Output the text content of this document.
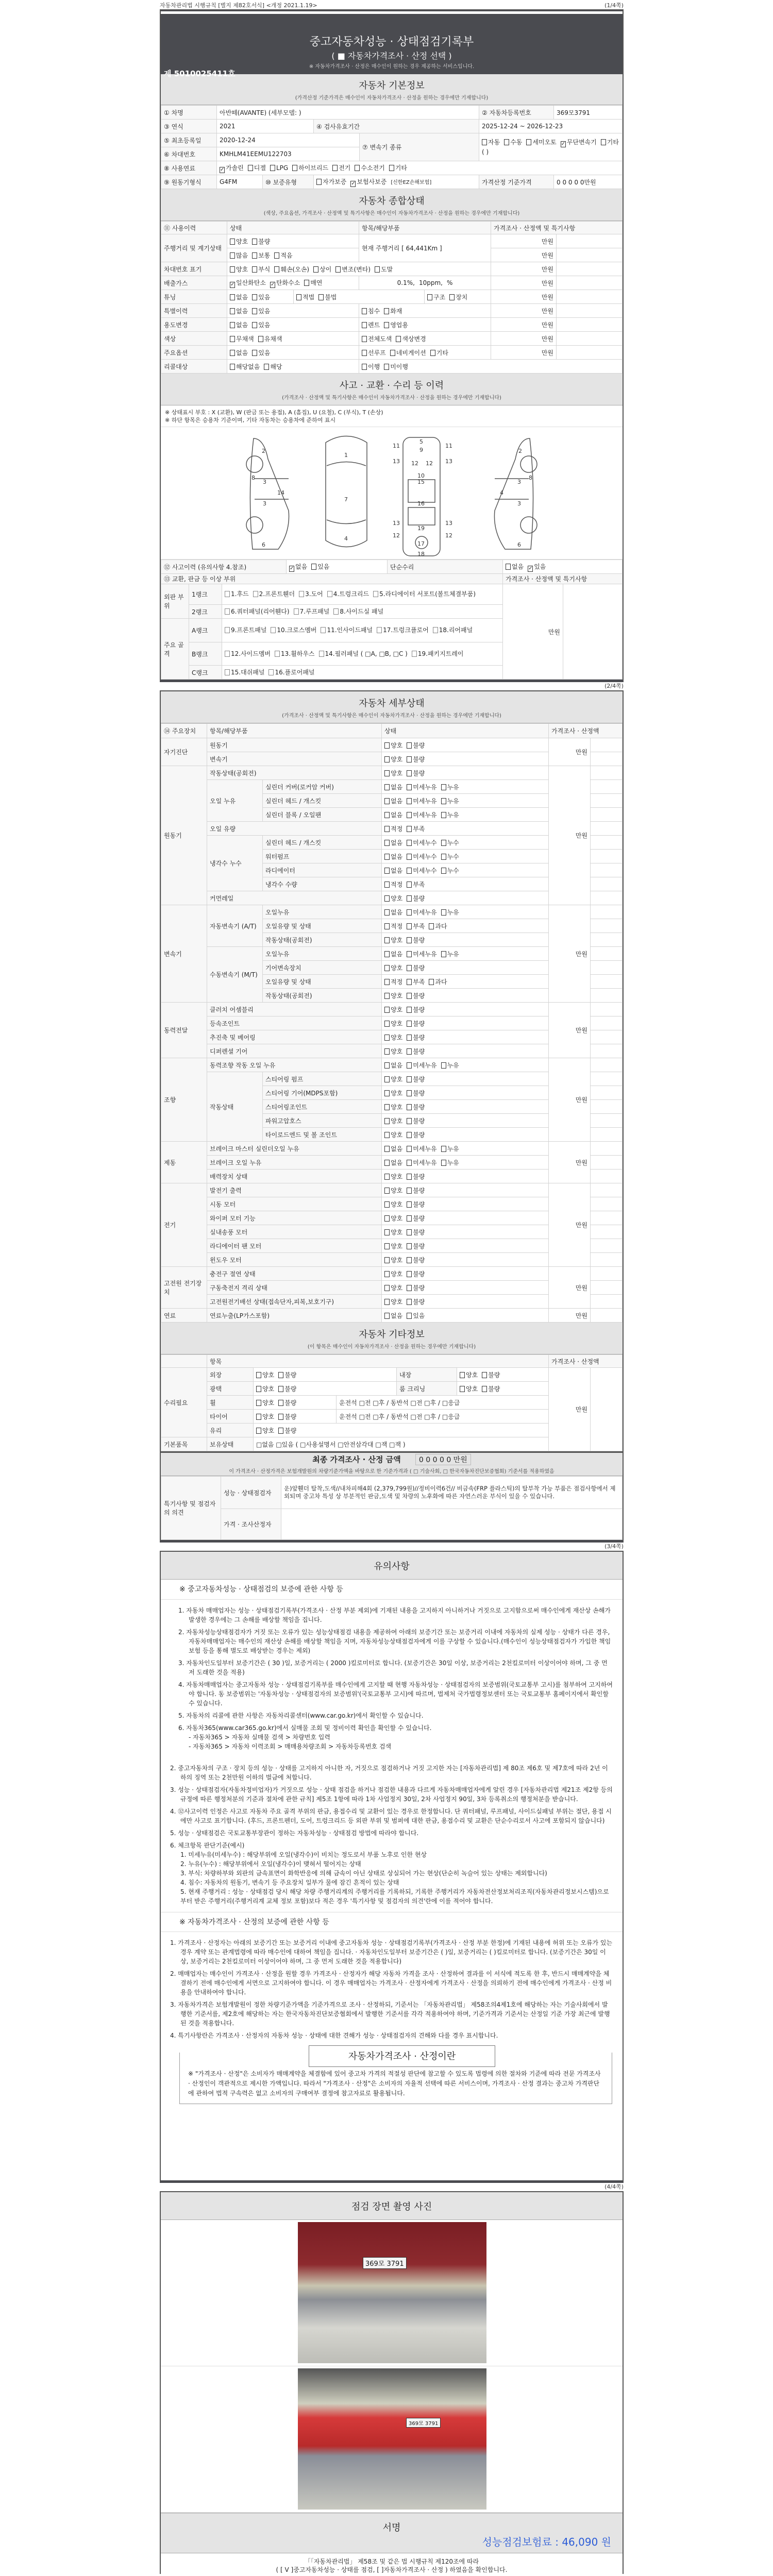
자동차관리법 시행규칙 [별지 제82호서식] <개정 2021.1.19>	(1/4쪽)
중고자동차성능 · 상태점검기록부
( ■ 자동차가격조사 · 산정 선택 )
※ 자동차가격조사 · 산정은 매수인이 원하는 경우 제공하는 서비스입니다.
제 5010025411호
자동차 기본정보
(가격산정 기준가격은 매수인이 자동차가격조사 · 산정을 원하는 경우에만 기재합니다)
① 차명	아반떼(AVANTE) (세부모델: )				② 자동차등록번호	369모3791
③ 연식	2021		④ 검사유효기간		2025-12-24 ~ 2026-12-23	
⑤ 최초등록일	2020-12-24			⑦ 변속기 종류	자동 수동 세미오토 ✓ 무단변속기 기타( )	
⑥ 차대번호	KMHLM41EEMU122703					
⑧ 사용연료	✓ 가솔린 디젤 LPG 하이브리드 전기 수소전기 기타					
⑨ 원동기형식	G4FM	⑩ 보증유형	자가보증 ✓ 보험사보증 [신한EZ손해보험]		가격산정 기준가격	0 0 0 0 0만원
자동차 종합상태
(색상, 주요옵션, 가격조사 · 산정액 및 특기사항은 매수인이 자동차가격조사 · 산정을 원하는 경우에만 기재합니다)
⑪ 사용이력	상태		항목/해당부품		가격조사 · 산정액 및 특기사항	
주행거리 및 계기상태	양호 불량		현재 주행거리 [ 64,441Km ]		만원	
	많음 보통 적음				만원	
차대번호 표기	양호 부식 훼손(오손) 상이 변조(변타) 도말				만원	
배출가스	✓ 일산화탄소 ✓ 탄화수소 매연		0.1%, 10ppm, %		만원	
튜닝	없음 있음	적법 불법		구조 장치	만원	
특별이력	없음 있음		침수 화재		만원	
용도변경	없음 있음		렌트 영업용		만원	
색상	무채색 유채색		전체도색 색상변경		만원	
주요옵션	없음 있음		선루프 네비게이션 기타		만원	
리콜대상	해당없음 해당		이행 미이행			
사고 · 교환 · 수리 등 이력
(가격조사 · 산정액 및 특기사항은 매수인이 자동차가격조사 · 산정을 원하는 경우에만 기재합니다)
※ 상태표시 부호 : X (교환), W (판금 또는 용접), A (흠집), U (요철), C (부식), T (손상)
※ 하단 항목은 승용차 기준이며, 기타 자동차는 승용차에 준하여 표시
2
3
3
8
14
6
1
7
4
5
9
10
16
17
18
11	11
13	13
12 12
13	13
12	12
15
19
2
3
3
8
4
6
⑫ 사고이력 (유의사항 4.참조)			✓ 없음 있음	단순수리	없음 ✓ 있음	
⑬ 교환, 판금 등 이상 부위					가격조사 · 산정액 및 특기사항	
외판 부위	1랭크	1.후드 2.프론트휀더 3.도어 4.트렁크리드 5.라디에이터 서포트(볼트체결부품)			만원	
	2랭크	6.쿼터패널(리어휀다) 7.루프패널 8.사이드실 패널				
주요 골격	A랭크	9.프론트패널 10.크로스멤버 11.인사이드패널 17.트렁크플로어 18.리어패널				
	B랭크	12.사이드멤버 13.휠하우스 14.필러패널 ( □A, □B, □C ) 19.패키지트레이				
	C랭크	15.대쉬패널 16.플로어패널				
(2/4쪽)
자동차 세부상태
(가격조사 · 산정액 및 특기사항은 매수인이 자동차가격조사 · 산정을 원하는 경우에만 기재합니다)
⑭ 주요장치	항목/해당부품		상태	가격조사 · 산정액	
자기진단	원동기		양호 불량	만원	
	변속기		양호 불량		
원동기	작동상태(공회전)		양호 불량	만원	
	오일 누유	실린더 커버(로커암 커버)	없음 미세누유 누유		
		실린더 헤드 / 개스킷	없음 미세누유 누유		
		실린더 블록 / 오일팬	없음 미세누유 누유		
	오일 유량		적정 부족		
	냉각수 누수	실린더 헤드 / 개스킷	없음 미세누수 누수		
		워터펌프	없음 미세누수 누수		
		라디에이터	없음 미세누수 누수		
		냉각수 수량	적정 부족		
	커먼레일		양호 불량		
변속기	자동변속기 (A/T)	오일누유	없음 미세누유 누유	만원	
		오일유량 및 상태	적정 부족 과다		
		작동상태(공회전)	양호 불량		
	수동변속기 (M/T)	오일누유	없음 미세누유 누유		
		기어변속장치	양호 불량		
		오일유량 및 상태	적정 부족 과다		
		작동상태(공회전)	양호 불량		
동력전달	클러치 어셈블리		양호 불량	만원	
	등속조인트		양호 불량		
	추진축 및 베어링		양호 불량		
	디퍼렌셜 기어		양호 불량		
조향	동력조향 작동 오일 누유		없음 미세누유 누유	만원	
	작동상태	스티어링 펌프	양호 불량		
		스티어링 기어(MDPS포함)	양호 불량		
		스티어링조인트	양호 불량		
		파워고압호스	양호 불량		
		타이로드엔드 및 볼 조인트	양호 불량		
제동	브레이크 마스터 실린더오일 누유		없음 미세누유 누유	만원	
	브레이크 오일 누유		없음 미세누유 누유		
	배력장치 상태		양호 불량		
전기	발전기 출력		양호 불량	만원	
	시동 모터		양호 불량		
	와이퍼 모터 기능		양호 불량		
	실내송풍 모터		양호 불량		
	라디에이터 팬 모터		양호 불량		
	윈도우 모터		양호 불량		
고전원 전기장치	충전구 절연 상태		양호 불량	만원	
	구동축전지 격리 상태		양호 불량		
	고전원전기배선 상태(접속단자,피복,보호기구)		양호 불량		
연료	연료누출(LP가스포함)		없음 있음	만원	
자동차 기타정보
(이 항목은 매수인이 자동차가격조사 · 산정을 원하는 경우에만 기재합니다)
	항목					가격조사 · 산정액	
수리필요	외장	양호 불량		내장	양호 불량	만원	
	광택	양호 불량		룸 크리닝	양호 불량		
	휠	양호 불량	운전석 □전 □후 / 동반석 □전 □후 / □응급				
	타이어	양호 불량	운전석 □전 □후 / 동반석 □전 □후 / □응급				
	유리	양호 불량					
기본품목	보유상태	□없음 □있음 ( □사용설명서 □안전삼각대 □잭 □잭 )					
최종 가격조사 · 산정 금액	0 0 0 0 0 만원
이 가격조사 · 산정가격은 보험개발원의 차량기준가액을 바탕으로 한 기준가격과 ( □ 기술사회, □ 한국자동차진단보증협회) 기준서를 적용하였음
특기사항 및 점검자의 의견	성능 · 상태점검자	운)앞휀더 탈착,도색//내차피해4회 (2,379,799원)//정비이력6건// 비금속(FRP 플라스틱)의 탈부착 가능 부품은 점검사항에서 제외되며 중고차 특성 상 부분적인 판금,도색 및 차량의 노후화에 따른 자연스러운 부식이 있을 수 있습니다.
	가격 · 조사산정자	
(3/4쪽)
유의사항
※ 중고자동차성능 · 상태점검의 보증에 관한 사항 등
1. 자동차 매매업자는 성능 · 상태점검기록부(가격조사 · 산정 부분 제외)에 기재된 내용을 고지하지 아니하거나 거짓으로 고지함으로써 매수인에게 재산상 손해가 발생한 경우에는 그 손해를 배상할 책임을 집니다.
2. 자동차성능상태점검자가 거짓 또는 오류가 있는 성능상태점검 내용을 제공하여 아래의 보증기간 또는 보증거리 이내에 자동차의 실제 성능 · 상태가 다른 경우, 자동차매매업자는 매수인의 재산상 손해를 배상할 책임을 지며, 자동차성능상태점검자에게 이를 구상할 수 있습니다.(매수인이 성능상태점검자가 가입한 책임보험 등을 통해 별도로 배상받는 경우는 제외)
3. 자동차인도일부터 보증기간은 ( 30 )일, 보증거리는 ( 2000 )킬로미터로 합니다. (보증기간은 30일 이상, 보증거리는 2천킬로미터 이상이어야 하며, 그 중 먼저 도래한 것을 적용)
4. 자동차매매업자는 중고자동차 성능 · 상태점검기록부를 매수인에게 고지할 때 현행 자동차성능 · 상태점검자의 보증범위(국토교통부 고시)를 첨부하여 고지하여야 합니다. 동 보증범위는 '자동차성능 · 상태점검자의 보증범위'(국토교통부 고시)에 따르며, 법제처 국가법령정보센터 또는 국토교통부 홈페이지에서 확인할 수 있습니다.
5. 자동차의 리콜에 관한 사항은 자동차리콜센터(www.car.go.kr)에서 확인할 수 있습니다.
6. 자동차365(www.car365.go.kr)에서 실매물 조회 및 정비이력 확인을 확인할 수 있습니다.
- 자동차365 > 자동차 실매물 검색 > 차량번호 입력
- 자동차365 > 자동차 이력조회 > 매매용차량조회 > 자동차등록번호 검색
2. 중고자동차의 구조 · 장치 등의 성능 · 상태를 고지하지 아니한 자, 거짓으로 점검하거나 거짓 고지한 자는 [자동차관리법] 제 80조 제6호 및 제7호에 따라 2년 이하의 징역 또는 2천만원 이하의 벌금에 처합니다.
3. 성능 · 상태점검자(자동차정비업자)가 거짓으로 성능 · 상태 점검을 하거나 점검한 내용과 다르게 자동차매매업자에게 알린 경우 [자동차관리법 제21조 제2항 등의 규정에 따른 행정처분의 기준과 절차에 관한 규칙] 제5조 1항에 따라 1차 사업정지 30일, 2차 사업정지 90일, 3차 등록취소의 행정처분을 받습니다.
4. ⑫사고이력 인정은 사고로 자동차 주요 골격 부위의 판금, 용접수리 및 교환이 있는 경우로 한정합니다. 단 쿼터패널, 루프패널, 사이드실패널 부위는 절단, 용접 시에만 사고로 표기합니다. (후드, 프론트펜더, 도어, 트렁크리드 등 외판 부위 및 범퍼에 대한 판금, 용접수리 및 교환은 단순수리로서 사고에 포함되지 않습니다)
5. 성능 · 상태점검은 국토교통부장관이 정하는 자동차성능 · 상태점검 방법에 따라야 합니다.
6. 체크항목 판단기준(예시)
1. 미세누유(미세누수) : 해당부위에 오일(냉각수)이 비치는 정도로서 부품 노후로 인한 현상
2. 누유(누수) : 해당부위에서 오일(냉각수)이 맺혀서 떨어지는 상태
3. 부식: 차량하부와 외판의 금속표면이 화학반응에 의해 금속이 아닌 상태로 상실되어 가는 현상(단순히 녹슬어 있는 상태는 제외합니다)
4. 침수: 자동차의 원동기, 변속기 등 주요장치 일부가 물에 잠긴 흔적이 있는 상태
5. 현재 주행거리 : 성능 · 상태점검 당시 해당 차량 주행거리계의 주행거리를 기록하되, 기록한 주행거리가 자동차전산정보처리조직(자동차관리정보시스템)으로부터 받은 주행거리(주행거리계 교체 정보 포함)보다 적은 경우 '특기사항 및 점검자의 의견'란에 이를 적어야 합니다.
※ 자동차가격조사 · 산정의 보증에 관한 사항 등
1. 가격조사 · 산정자는 아래의 보증기간 또는 보증거리 이내에 중고자동차 성능 · 상태점검기록부(가격조사 · 산정 부분 한정)에 기재된 내용에 허위 또는 오류가 있는 경우 계약 또는 관계법령에 따라 매수인에 대하여 책임을 집니다. · 자동차인도일부터 보증기간은 ( )일, 보증거리는 ( )킬로미터로 합니다. (보증기간은 30일 이상, 보증거리는 2천킬로미터 이상이어야 하며, 그 중 먼저 도래한 것을 적용합니다)
2. 매매업자는 매수인이 가격조사 · 산정을 원할 경우 가격조사 · 산정자가 해당 자동차 가격을 조사 · 산정하여 결과를 이 서식에 적도록 한 후, 반드시 매매계약을 체결하기 전에 매수인에게 서면으로 고지하여야 합니다. 이 경우 매매업자는 가격조사 · 산정자에게 가격조사 · 산정을 의뢰하기 전에 매수인에게 가격조사 · 산정 비용을 안내하여야 합니다.
3. 자동차가격은 보험개발원이 정한 차량기준가액을 기준가격으로 조사 · 산정하되, 기준서는 「자동차관리법」 제58조의4제1호에 해당하는 자는 기술사회에서 발행한 기준서를, 제2호에 해당하는 자는 한국자동차진단보증협회에서 발행한 기준서를 각각 적용하여야 하며, 기준가격과 기준서는 산정일 기준 가장 최근에 발행된 것을 적용합니다.
4. 특기사항란은 가격조사 · 산정자의 자동차 성능 · 상태에 대한 견해가 성능 · 상태점검자의 견해와 다를 경우 표시합니다.
자동차가격조사 · 산정이란
※ "가격조사 · 산정"은 소비자가 매매계약을 체결함에 있어 중고차 가격의 적절성 판단에 참고할 수 있도록 법령에 의한 절차와 기준에 따라 전문 가격조사 · 산정인이 객관적으로 제시한 가액입니다. 따라서 "가격조사 · 산정"은 소비자의 자율적 선택에 따른 서비스이며, 가격조사 · 산정 결과는 중고차 가격판단에 관하여 법적 구속력은 없고 소비자의 구매여부 결정에 참고자료로 활용됩니다.
(4/4쪽)
점검 장면 촬영 사진
369모 3791
369모 3791
서명
성능점검보험료 : 46,090 원
「「자동차관리법」 제58조 및 같은 법 시행규칙 제120조에 따라
( [ V ]중고자동차성능 · 상태를 점검, [ ]자동차가격조사 · 산정 ) 하였음을 확인합니다.
